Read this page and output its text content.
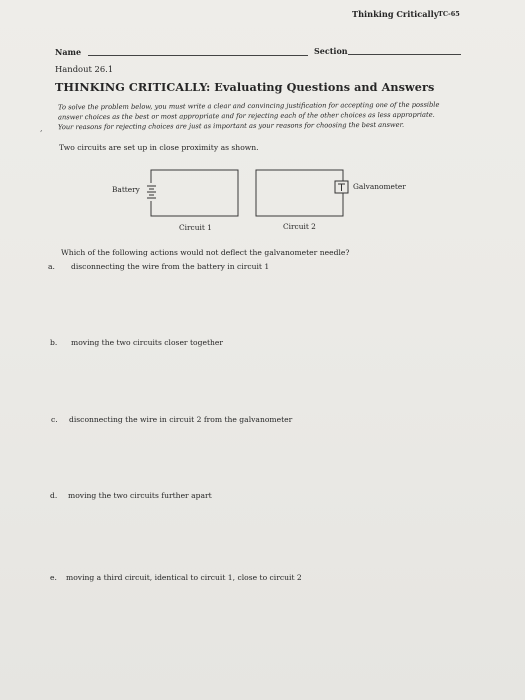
Thinking Critically TC-65
Name	Section
Handout 26.1
THINKING CRITICALLY: Evaluating Questions and Answers
To solve the problem below, you must write a clear and convincing justification for accepting one of the possible
answer choices as the best or most appropriate and for rejecting each of the other choices as less appropriate.
Your reasons for rejecting choices are just as important as your reasons for choosing the best answer.
,
Two circuits are set up in close proximity as shown.
Battery	Galvanometer
Circuit 1	Circuit 2
Which of the following actions would not deflect the galvanometer needle?
a. disconnecting the wire from the battery in circuit 1
b. moving the two circuits closer together
c. disconnecting the wire in circuit 2 from the galvanometer
d. moving the two circuits further apart
e. moving a third circuit, identical to circuit 1, close to circuit 2
